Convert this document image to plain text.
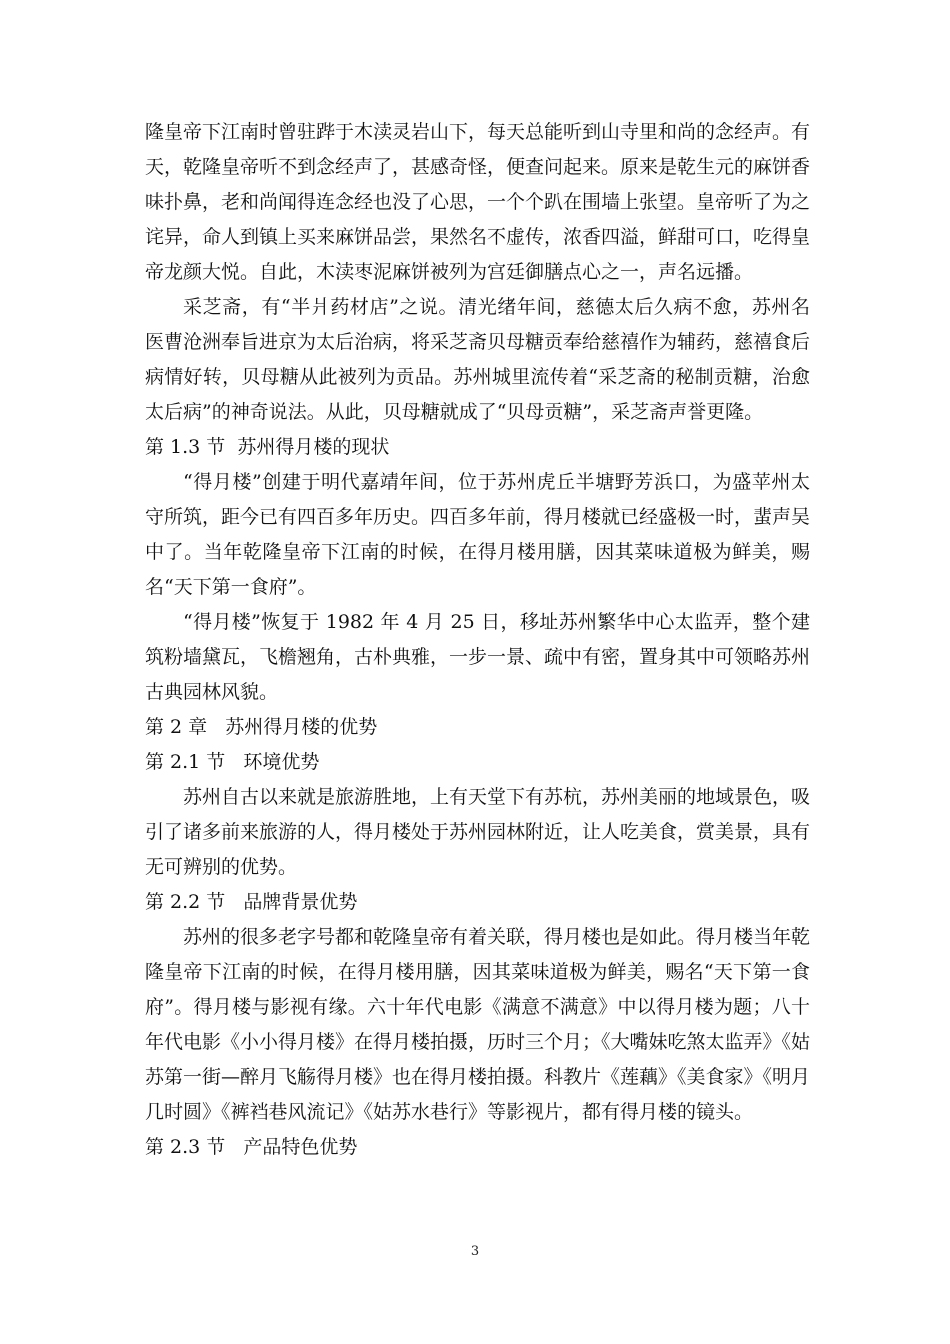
隆皇帝下江南时曾驻跸于木渎灵岩山下，每天总能听到山寺里和尚的念经声。有天，乾隆皇帝听不到念经声了，甚感奇怪，便查问起来。原来是乾生元的麻饼香味扑鼻，老和尚闻得连念经也没了心思，一个个趴在围墙上张望。皇帝听了为之诧异，命人到镇上买来麻饼品尝，果然名不虚传，浓香四溢，鲜甜可口，吃得皇帝龙颜大悦。自此，木渎枣泥麻饼被列为宫廷御膳点心之一，声名远播。

采芝斋，有“半爿药材店”之说。清光绪年间，慈德太后久病不愈，苏州名医曹沧洲奉旨进京为太后治病，将采芝斋贝母糖贡奉给慈禧作为辅药，慈禧食后病情好转，贝母糖从此被列为贡品。苏州城里流传着“采芝斋的秘制贡糖，治愈太后病”的神奇说法。从此，贝母糖就成了“贝母贡糖”，采芝斋声誉更隆。

第 1.3 节  苏州得月楼的现状

“得月楼”创建于明代嘉靖年间，位于苏州虎丘半塘野芳浜口，为盛苹州太守所筑，距今已有四百多年历史。四百多年前，得月楼就已经盛极一时，蜚声吴中了。当年乾隆皇帝下江南的时候，在得月楼用膳，因其菜味道极为鲜美，赐名“天下第一食府”。

“得月楼”恢复于 1982 年 4 月 25 日，移址苏州繁华中心太监弄，整个建筑粉墙黛瓦，飞檐翘角，古朴典雅，一步一景、疏中有密，置身其中可领略苏州古典园林风貌。

第 2 章   苏州得月楼的优势

第 2.1 节   环境优势

苏州自古以来就是旅游胜地，上有天堂下有苏杭，苏州美丽的地域景色，吸引了诸多前来旅游的人，得月楼处于苏州园林附近，让人吃美食，赏美景，具有无可辨别的优势。

第 2.2 节   品牌背景优势

苏州的很多老字号都和乾隆皇帝有着关联，得月楼也是如此。得月楼当年乾隆皇帝下江南的时候，在得月楼用膳，因其菜味道极为鲜美，赐名“天下第一食府”。得月楼与影视有缘。六十年代电影《满意不满意》中以得月楼为题；八十年代电影《小小得月楼》在得月楼拍摄，历时三个月；《大嘴妹吃煞太监弄》《姑苏第一街—醉月飞觞得月楼》也在得月楼拍摄。科教片《莲藕》《美食家》《明月几时圆》《裤裆巷风流记》《姑苏水巷行》等影视片，都有得月楼的镜头。

第 2.3 节   产品特色优势

3
